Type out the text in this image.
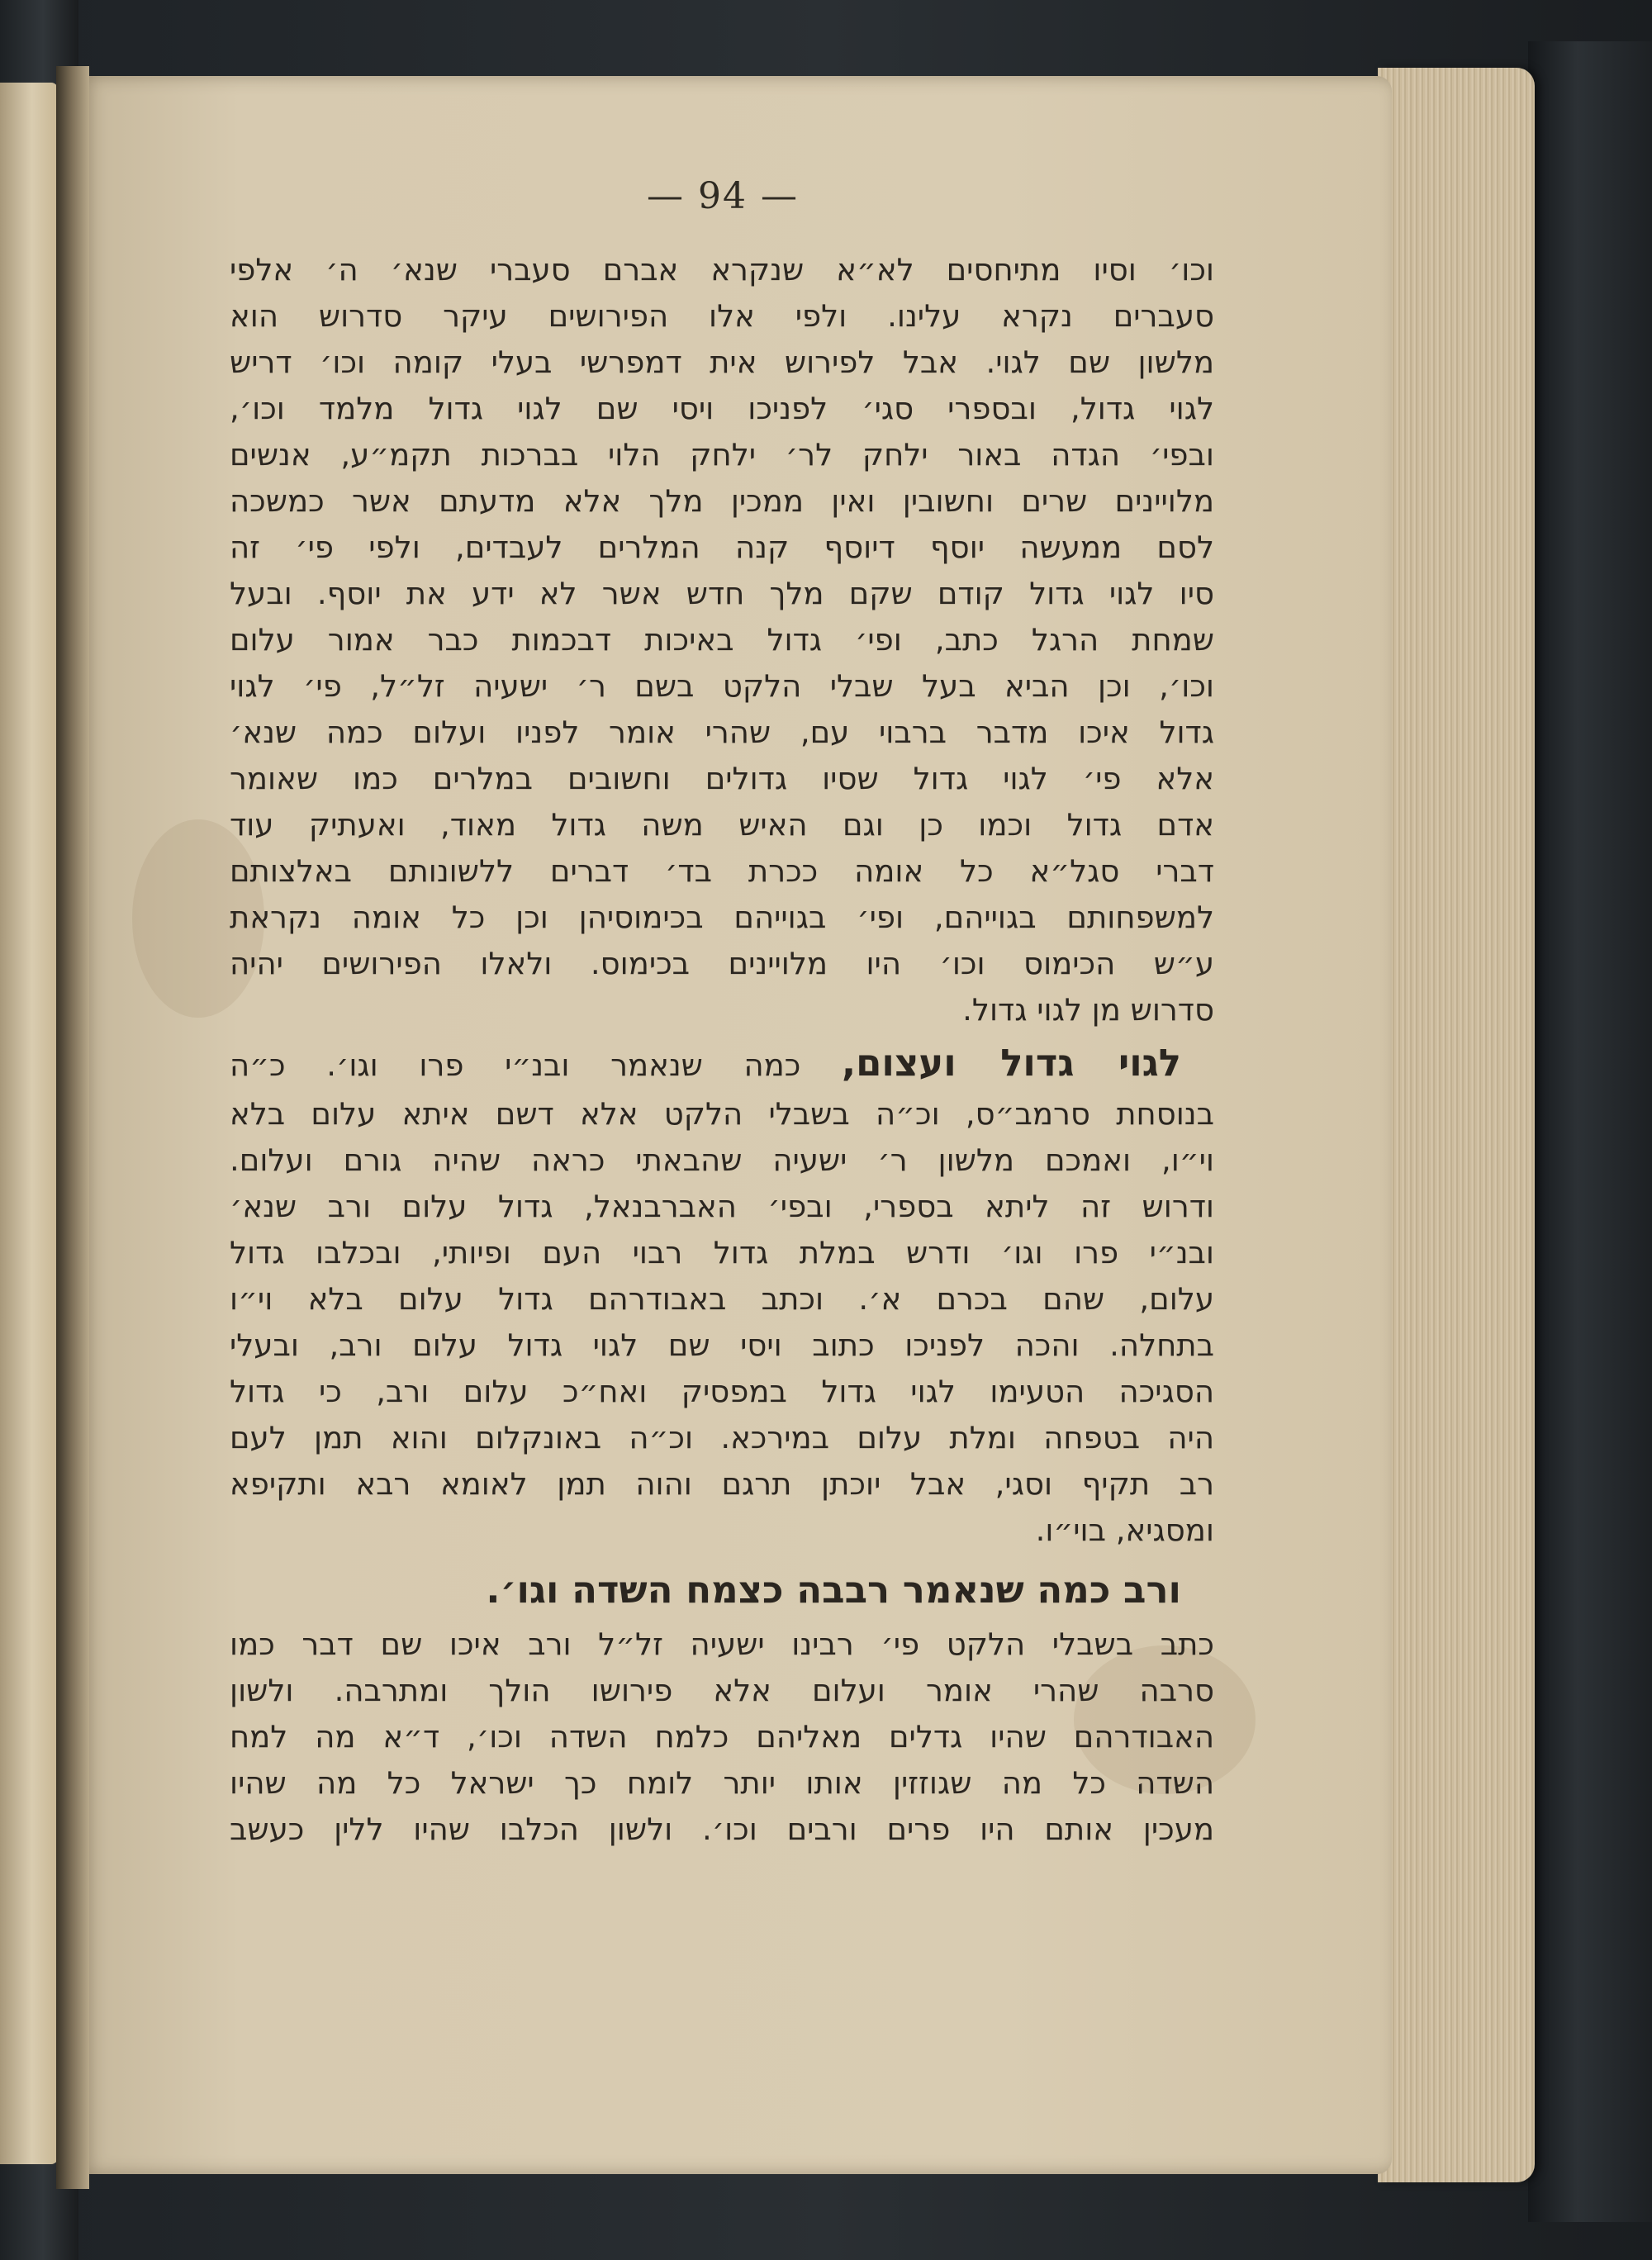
— 94 —
וכו׳ וסיו מתיחסים לא״א שנקרא אברם סעברי שנא׳ ה׳ אלפי
סעברים נקרא עלינו. ולפי אלו הפירושים עיקר סדרוש הוא
מלשון שם לגוי. אבל לפירוש אית דמפרשי בעלי קומה וכו׳ דריש
לגוי גדול, ובספרי סגי׳ לפניכו ויסי שם לגוי גדול מלמד וכו׳,
ובפי׳ הגדה באור ילחק לר׳ ילחק הלוי בברכות תקמ״ע, אנשים
מלויינים שרים וחשובין ואין ממכין מלך אלא מדעתם אשר כמשכה
לסם ממעשה יוסף דיוסף קנה המלרים לעבדים, ולפי פי׳ זה
סיו לגוי גדול קודם שקם מלך חדש אשר לא ידע את יוסף. ובעל
שמחת הרגל כתב, ופי׳ גדול באיכות דבכמות כבר אמור עלום
וכו׳, וכן הביא בעל שבלי הלקט בשם ר׳ ישעיה זל״ל, פי׳ לגוי
גדול איכו מדבר ברבוי עם, שהרי אומר לפניו ועלום כמה שנא׳
אלא פי׳ לגוי גדול שסיו גדולים וחשובים במלרים כמו שאומר
אדם גדול וכמו כן וגם האיש משה גדול מאוד, ואעתיק עוד
דברי סגל״א כל אומה ככרת בד׳ דברים ללשונותם באלצותם
למשפחותם בגוייהם, ופי׳ בגוייהם בכימוסיהן וכן כל אומה נקראת
ע״ש הכימוס וכו׳ היו מלויינים בכימוס. ולאלו הפירושים יהיה
סדרוש מן לגוי גדול.
לגוי גדול ועצום, כמה שנאמר ובנ״י פרו וגו׳. כ״ה
בנוסחת סרמב״ס, וכ״ה בשבלי הלקט אלא דשם איתא עלום בלא
וי״ו, ואמכם מלשון ר׳ ישעיה שהבאתי כראה שהיה גורם ועלום.
ודרוש זה ליתא בספרי, ובפי׳ האברבנאל, גדול עלום ורב שנא׳
ובנ״י פרו וגו׳ ודרש במלת גדול רבוי העם ופיותי, ובכלבו גדול
עלום, שהם בכרם א׳. וכתב באבודרהם גדול עלום בלא וי״ו
בתחלה. והכה לפניכו כתוב ויסי שם לגוי גדול עלום ורב, ובעלי
הסגיכה הטעימו לגוי גדול במפסיק ואח״כ עלום ורב, כי גדול
היה בטפחה ומלת עלום במירכא. וכ״ה באונקלום והוא תמן לעם
רב תקיף וסגי, אבל יוכתן תרגם והוה תמן לאומא רבא ותקיפא
ומסגיא, בוי״ו.
ורב כמה שנאמר רבבה כצמח השדה וגו׳.
כתב בשבלי הלקט פי׳ רבינו ישעיה זל״ל ורב איכו שם דבר כמו
סרבה שהרי אומר ועלום אלא פירושו הולך ומתרבה. ולשון
האבודרהם שהיו גדלים מאליהם כלמח השדה וכו׳, ד״א מה למח
השדה כל מה שגוזזין אותו יותר לומח כך ישראל כל מה שהיו
מעכין אותם היו פרים ורבים וכו׳. ולשון הכלבו שהיו ללין כעשב
